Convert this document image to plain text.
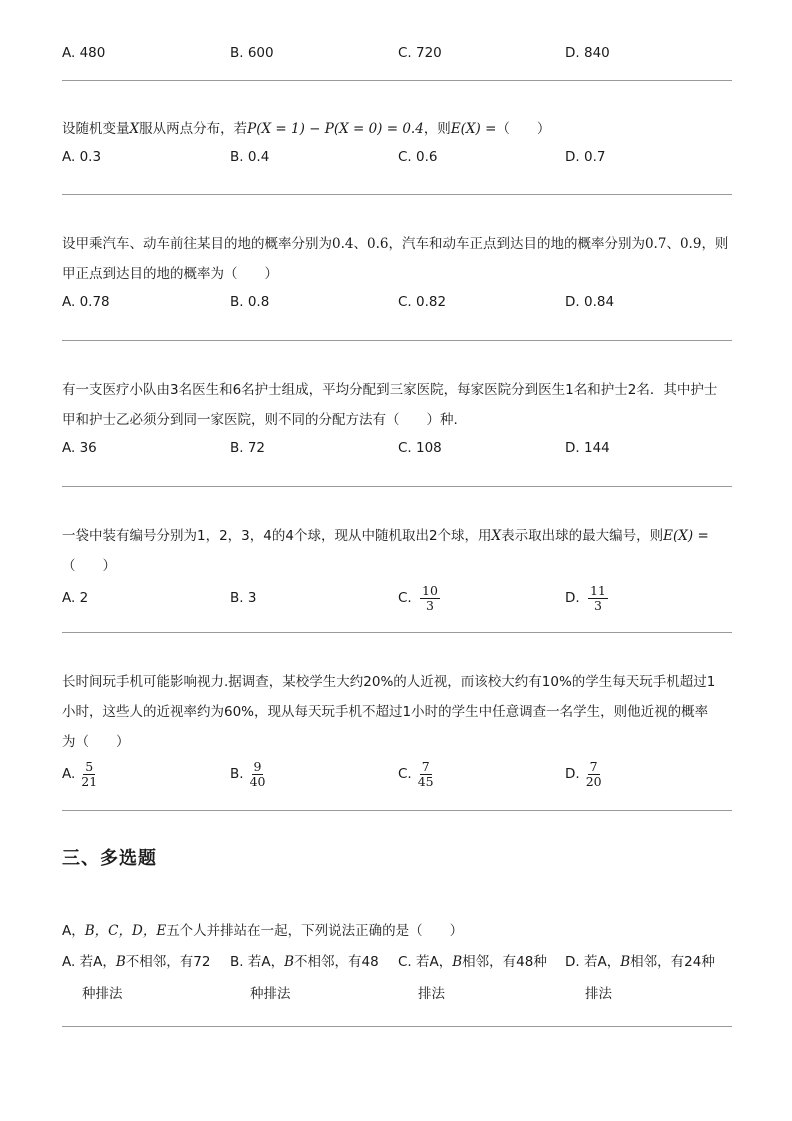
A. 480	B. 600	C. 720	D. 840
设随机变量X服从两点分布，若P(X = 1) − P(X = 0) = 0.4，则E(X) =（　　）
A. 0.3	B. 0.4	C. 0.6	D. 0.7
设甲乘汽车、动车前往某目的地的概率分别为0.4、0.6，汽车和动车正点到达目的地的概率分别为0.7、0.9，则
甲正点到达目的地的概率为（　　）
A. 0.78	B. 0.8	C. 0.82	D. 0.84
有一支医疗小队由3名医生和6名护士组成，平均分配到三家医院，每家医院分到医生1名和护士2名．其中护士
甲和护士乙必须分到同一家医院，则不同的分配方法有（　　）种.
A. 36	B. 72	C. 108	D. 144
一袋中装有编号分别为1，2，3，4的4个球，现从中随机取出2个球，用X表示取出球的最大编号，则E(X) =
（　　）
A. 2	B. 3	C. $\frac{10}{3}$	D. $\frac{11}{3}$
长时间玩手机可能影响视力.据调查，某校学生大约20%的人近视，而该校大约有10%的学生每天玩手机超过1
小时，这些人的近视率约为60%，现从每天玩手机不超过1小时的学生中任意调查一名学生，则他近视的概率
为（　　）
A. $\frac{5}{21}$	B. $\frac{9}{40}$	C. $\frac{7}{45}$	D. $\frac{7}{20}$
三、多选题
A，B，C，D，E五个人并排站在一起，下列说法正确的是（　　）
A. 若A，B不相邻，有72
种排法
B. 若A，B不相邻，有48
种排法
C. 若A，B相邻，有48种
排法
D. 若A，B相邻，有24种
排法
